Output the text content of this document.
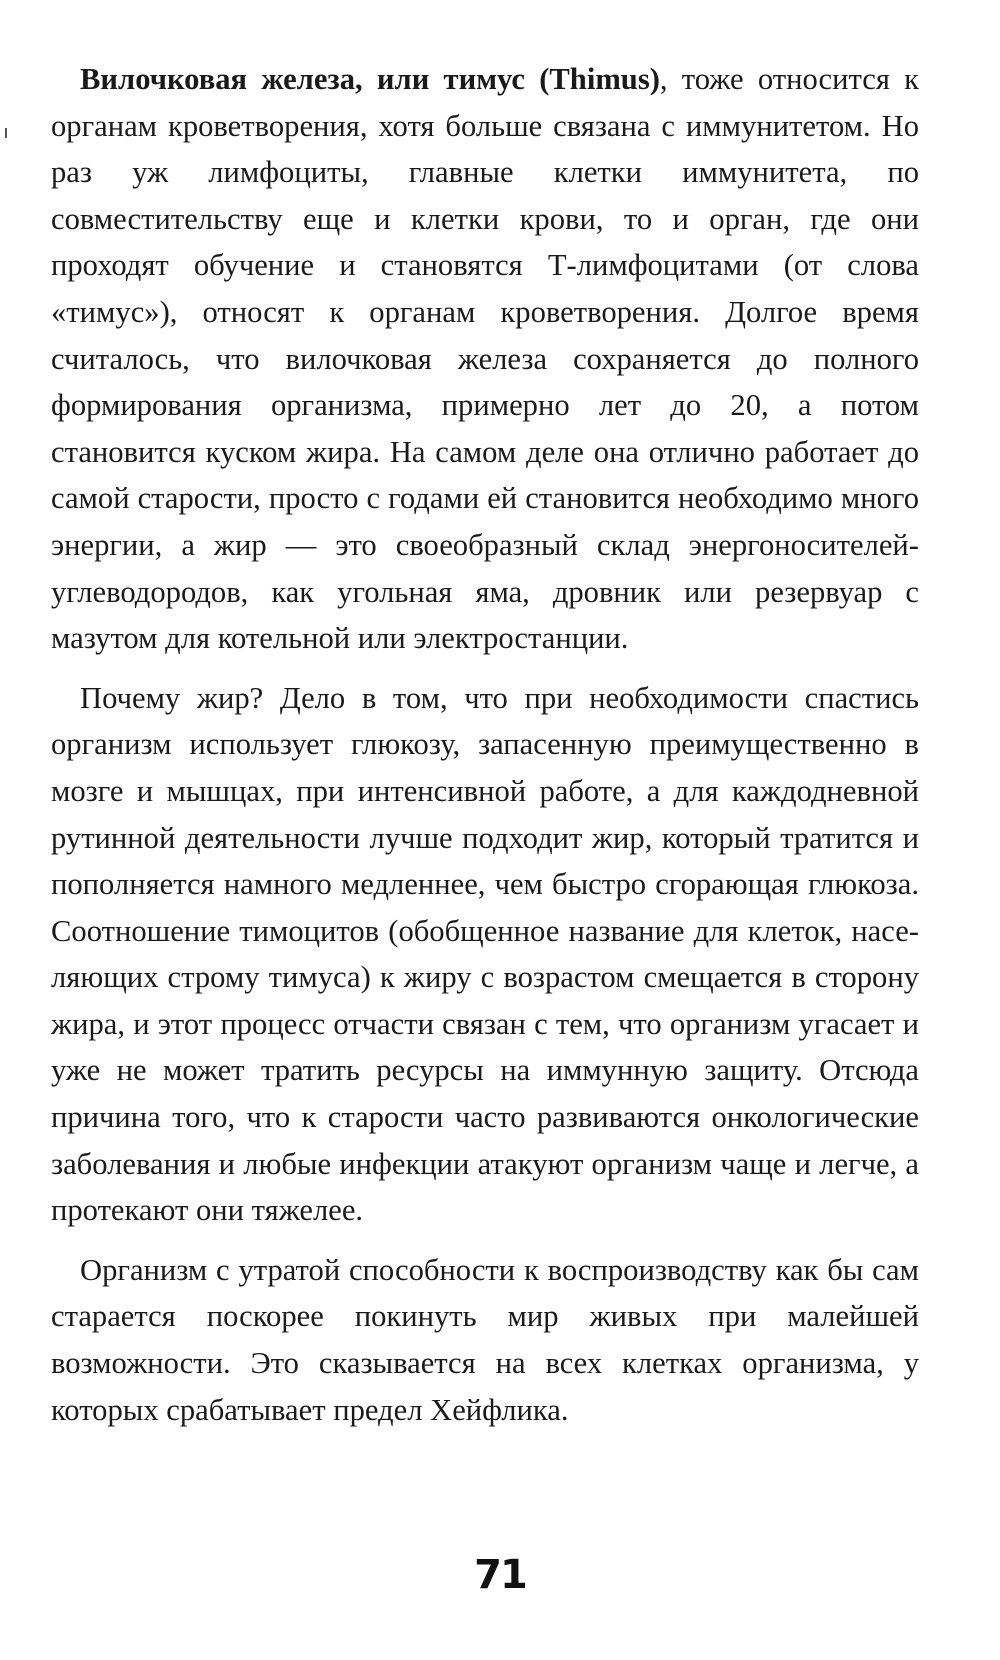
Вилочковая железа, или тимус (Thimus), тоже относится к органам кроветворения, хотя больше связана с иммунитетом. Но раз уж лимфоциты, главные клетки иммунитета, по совместительству еще и клетки крови, то и орган, где они проходят обучение и становятся Т-лимфоцитами (от слова «тимус»), относят к органам кроветворения. Долгое время считалось, что вилочковая железа сохраняется до полного формирования организма, примерно лет до 20, а потом становится куском жира. На самом деле она отлично работает до самой старости, просто с годами ей становится необходимо много энергии, а жир — это своеобразный склад энергоносителей-углеводородов, как угольная яма, дровник или резервуар с мазутом для котельной или электростанции.

Почему жир? Дело в том, что при необходимости спастись организм использует глюкозу, запасенную преимущественно в мозге и мышцах, при интенсивной работе, а для каждодневной рутинной деятельности лучше подходит жир, который тратится и пополняется намного медленнее, чем быстро сгорающая глюкоза. Соотношение тимоцитов (обобщенное название для клеток, населяющих строму тимуса) к жиру с возрастом смещается в сторону жира, и этот процесс отчасти связан с тем, что организм угасает и уже не может тратить ресурсы на иммунную защиту. Отсюда причина того, что к старости часто развиваются онкологические заболевания и любые инфекции атакуют организм чаще и легче, а протекают они тяжелее.

Организм с утратой способности к воспроизводству как бы сам старается поскорее покинуть мир живых при малейшей возможности. Это сказывается на всех клетках организма, у которых срабатывает предел Хейфлика.

71
